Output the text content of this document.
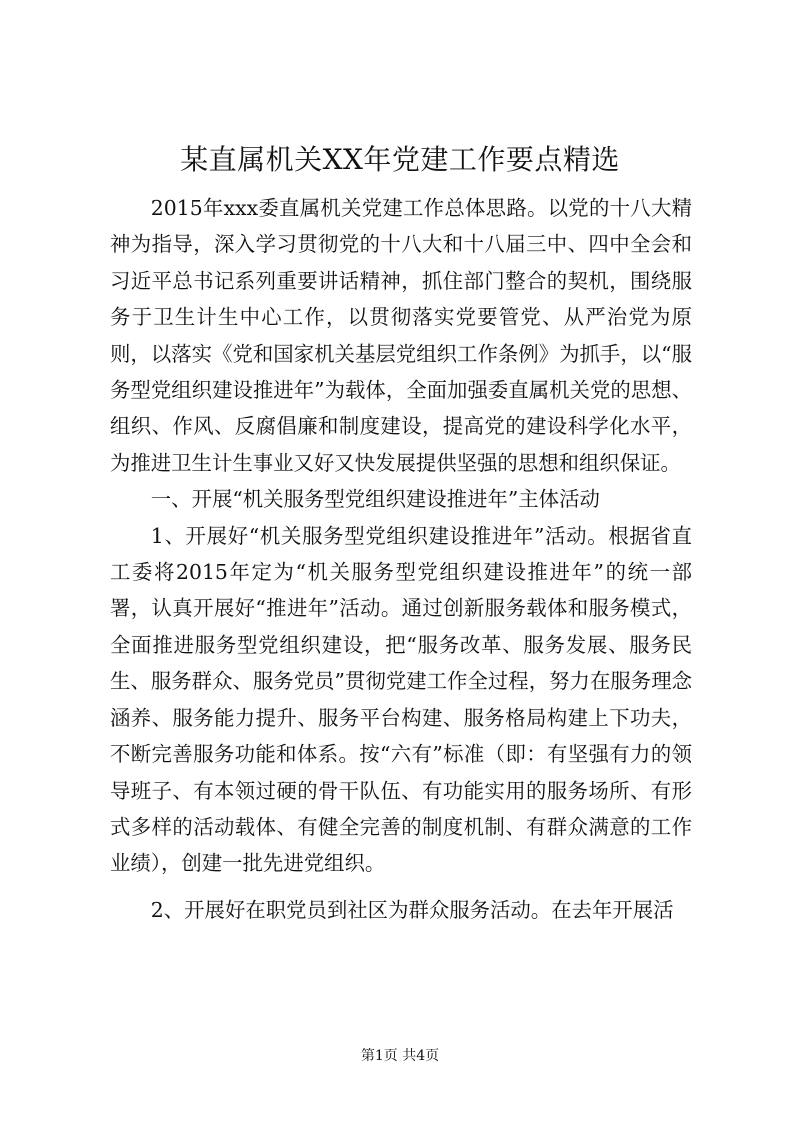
某直属机关XX年党建工作要点精选

2015年xxx委直属机关党建工作总体思路。以党的十八大精神为指导，深入学习贯彻党的十八大和十八届三中、四中全会和习近平总书记系列重要讲话精神，抓住部门整合的契机，围绕服务于卫生计生中心工作，以贯彻落实党要管党、从严治党为原则，以落实《党和国家机关基层党组织工作条例》为抓手，以“服务型党组织建设推进年”为载体，全面加强委直属机关党的思想、组织、作风、反腐倡廉和制度建设，提高党的建设科学化水平，为推进卫生计生事业又好又快发展提供坚强的思想和组织保证。

一、开展“机关服务型党组织建设推进年”主体活动

1、开展好“机关服务型党组织建设推进年”活动。根据省直工委将2015年定为“机关服务型党组织建设推进年”的统一部署，认真开展好“推进年”活动。通过创新服务载体和服务模式，全面推进服务型党组织建设，把“服务改革、服务发展、服务民生、服务群众、服务党员”贯彻党建工作全过程，努力在服务理念涵养、服务能力提升、服务平台构建、服务格局构建上下功夫，不断完善服务功能和体系。按“六有”标准（即：有坚强有力的领导班子、有本领过硬的骨干队伍、有功能实用的服务场所、有形式多样的活动载体、有健全完善的制度机制、有群众满意的工作业绩），创建一批先进党组织。

2、开展好在职党员到社区为群众服务活动。在去年开展活

第1页 共4页
